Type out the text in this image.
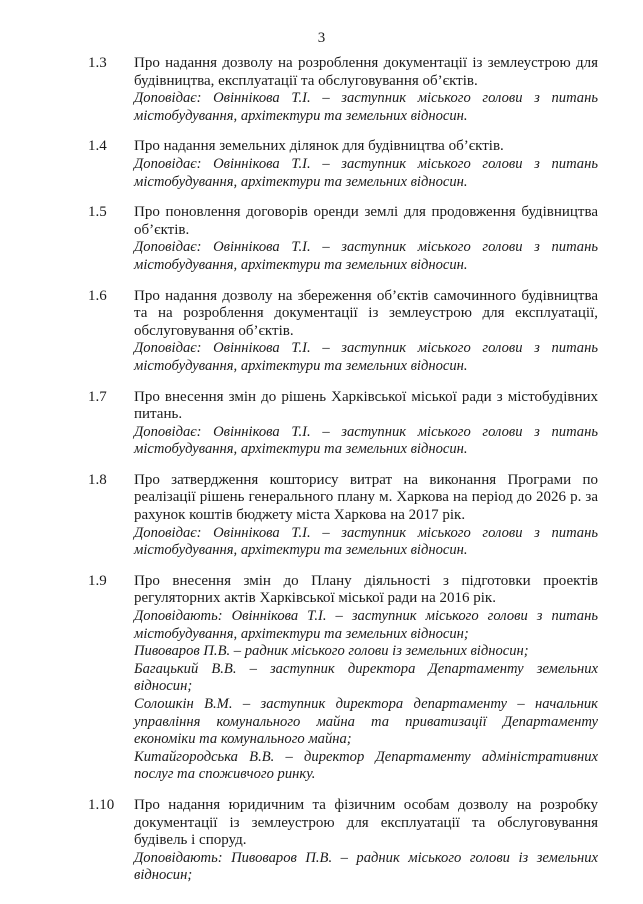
3
1.3 Про надання дозволу на розроблення документації із землеустрою для будівництва, експлуатації та обслуговування об’єктів.
Доповідає: Овіннікова Т.І. – заступник міського голови з питань містобудування, архітектури та земельних відносин.
1.4 Про надання земельних ділянок для будівництва об’єктів.
Доповідає: Овіннікова Т.І. – заступник міського голови з питань містобудування, архітектури та земельних відносин.
1.5 Про поновлення договорів оренди землі для продовження будівництва об’єктів.
Доповідає: Овіннікова Т.І. – заступник міського голови з питань містобудування, архітектури та земельних відносин.
1.6 Про надання дозволу на збереження об’єктів самочинного будівництва та на розроблення документації із землеустрою для експлуатації, обслуговування об’єктів.
Доповідає: Овіннікова Т.І. – заступник міського голови з питань містобудування, архітектури та земельних відносин.
1.7 Про внесення змін до рішень Харківської міської ради з містобудівних питань.
Доповідає: Овіннікова Т.І. – заступник міського голови з питань містобудування, архітектури та земельних відносин.
1.8 Про затвердження кошторису витрат на виконання Програми по реалізації рішень генерального плану м. Харкова на період до 2026 р. за рахунок коштів бюджету міста Харкова на 2017 рік.
Доповідає: Овіннікова Т.І. – заступник міського голови з питань містобудування, архітектури та земельних відносин.
1.9 Про внесення змін до Плану діяльності з підготовки проектів регуляторних актів Харківської міської ради на 2016 рік.
Доповідають: Овіннікова Т.І. – заступник міського голови з питань містобудування, архітектури та земельних відносин;
Пивоваров П.В. – радник міського голови із земельних відносин;
Багацький В.В. – заступник директора Департаменту земельних відносин;
Солошкін В.М. – заступник директора департаменту – начальник управління комунального майна та приватизації Департаменту економіки та комунального майна;
Китайгородська В.В. – директор Департаменту адміністративних послуг та споживчого ринку.
1.10 Про надання юридичним та фізичним особам дозволу на розробку документації із землеустрою для експлуатації та обслуговування будівель і споруд.
Доповідають: Пивоваров П.В. – радник міського голови із земельних відносин;
